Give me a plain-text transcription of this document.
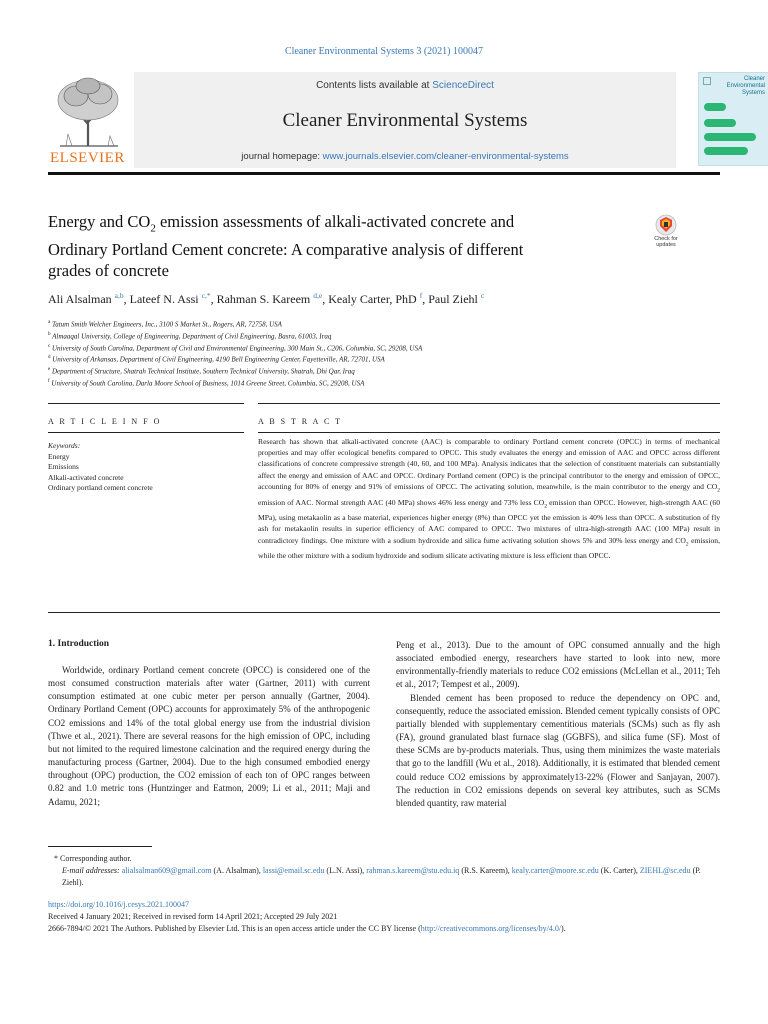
Cleaner Environmental Systems 3 (2021) 100047
ELSEVIER
Contents lists available at ScienceDirect
Cleaner Environmental Systems
journal homepage: www.journals.elsevier.com/cleaner-environmental-systems
Cleaner Environmental Systems
Energy and $CO_2$ emission assessments of alkali-activated concrete and
Ordinary Portland Cement concrete: A comparative analysis of different
grades of concrete
Check for updates
Ali Alsalman $^{a,b}$, Lateef N. Assi $^{c,*}$, Rahman S. Kareem $^{d,e}$, Kealy Carter, PhD $^f$, Paul Ziehl $^c$
$^a$ Tatum Smith Welcher Engineers, Inc., 3100 S Market St., Rogers, AR, 72758, USA
$^b$ Almaaqal University, College of Engineering, Department of Civil Engineering, Basra, 61003, Iraq
$^c$ University of South Carolina, Department of Civil and Environmental Engineering, 300 Main St., C206, Columbia, SC, 29208, USA
$^d$ University of Arkansas, Department of Civil Engineering, 4190 Bell Engineering Center, Fayetteville, AR, 72701, USA
$^e$ Department of Structure, Shatrah Technical Institute, Southern Technical University, Shatrah, Dhi Qar, Iraq
$^f$ University of South Carolina, Darla Moore School of Business, 1014 Greene Street, Columbia, SC, 29208, USA
A R T I C L E I N F O	A B S T R A C T
Keywords:
Energy
Emissions
Alkali-activated concrete
Ordinary portland cement concrete
Research has shown that alkali-activated concrete (AAC) is comparable to ordinary Portland cement concrete (OPCC) in terms of mechanical properties and may offer ecological benefits compared to OPCC. This study evaluates the energy and emission of AAC and OPCC across different classifications of concrete compressive strength (40, 60, and 100 MPa). Analysis indicates that the selection of constituent materials can substantially affect the energy and emission of AAC and OPCC. Ordinary Portland cement (OPC) is the principal contributor to the energy and emission of OPCC, accounting for 80% of energy and 91% of emissions of OPCC. The activating solution, meanwhile, is the main contributor to the energy and $CO_2$ emission of AAC. Normal strength AAC (40 MPa) shows 46% less energy and 73% less $CO_2$ emission than OPCC. However, high-strength AAC (60 MPa), using metakaolin as a base material, experiences higher energy (8%) than OPCC yet the emission is 40% less than OPCC. A substitution of fly ash for metakaolin results in superior efficiency of AAC compared to OPCC. Two mixtures of ultra-high-strength AAC (100 MPa) result in contradictory findings. One mixture with a sodium hydroxide and silica fume activating solution shows 5% and 30% less energy and $CO_2$ emission, while the other mixture with a sodium hydroxide and sodium silicate activating mixture is less efficient than OPCC.
1. Introduction
Worldwide, ordinary Portland cement concrete (OPCC) is considered one of the most consumed construction materials after water (Gartner, 2011) with current consumption estimated at one cubic meter per person annually (Gartner, 2004). Ordinary Portland Cement (OPC) accounts for approximately 5% of the anthropogenic CO2 emissions and 14% of the total global energy use from the industrial division (Thwe et al., 2021). There are several reasons for the high emission of OPC, including but not limited to the required limestone calcination and the required energy during the manufacturing process (Gartner, 2004). Due to the high consumed embodied energy throughout (OPC) production, the CO2 emission of each ton of OPC ranges between 0.82 and 1.0 metric tons (Huntzinger and Eatmon, 2009; Li et al., 2011; Maji and Adamu, 2021;

Peng et al., 2013). Due to the amount of OPC consumed annually and the high associated embodied energy, researchers have started to look into new, more environmentally-friendly materials to reduce CO2 emissions (McLellan et al., 2011; Teh et al., 2017; Tempest et al., 2009).

Blended cement has been proposed to reduce the dependency on OPC and, consequently, reduce the associated emission. Blended cement typically consists of OPC partially blended with supplementary cementitious materials (SCMs) such as fly ash (FA), ground granulated blast furnace slag (GGBFS), and silica fume (SF). Most of these SCMs are by-products materials. Thus, using them minimizes the waste materials that go to the landfill (Wu et al., 2018). Additionally, it is estimated that blended cement could reduce CO2 emissions by approximately13-22% (Flower and Sanjayan, 2007). The reduction in CO2 emissions depends on several key attributes, such as SCMs blended quantity, raw material

* Corresponding author.
E-mail addresses: alialsalman609@gmail.com (A. Alsalman), lassi@email.sc.edu (L.N. Assi), rahman.s.kareem@stu.edu.iq (R.S. Kareem), kealy.carter@moore.sc.edu (K. Carter), ZIEHL@sc.edu (P. Ziehl).
https://doi.org/10.1016/j.cesys.2021.100047
Received 4 January 2021; Received in revised form 14 April 2021; Accepted 29 July 2021
2666-7894/© 2021 The Authors. Published by Elsevier Ltd. This is an open access article under the CC BY license (http://creativecommons.org/licenses/by/4.0/).
